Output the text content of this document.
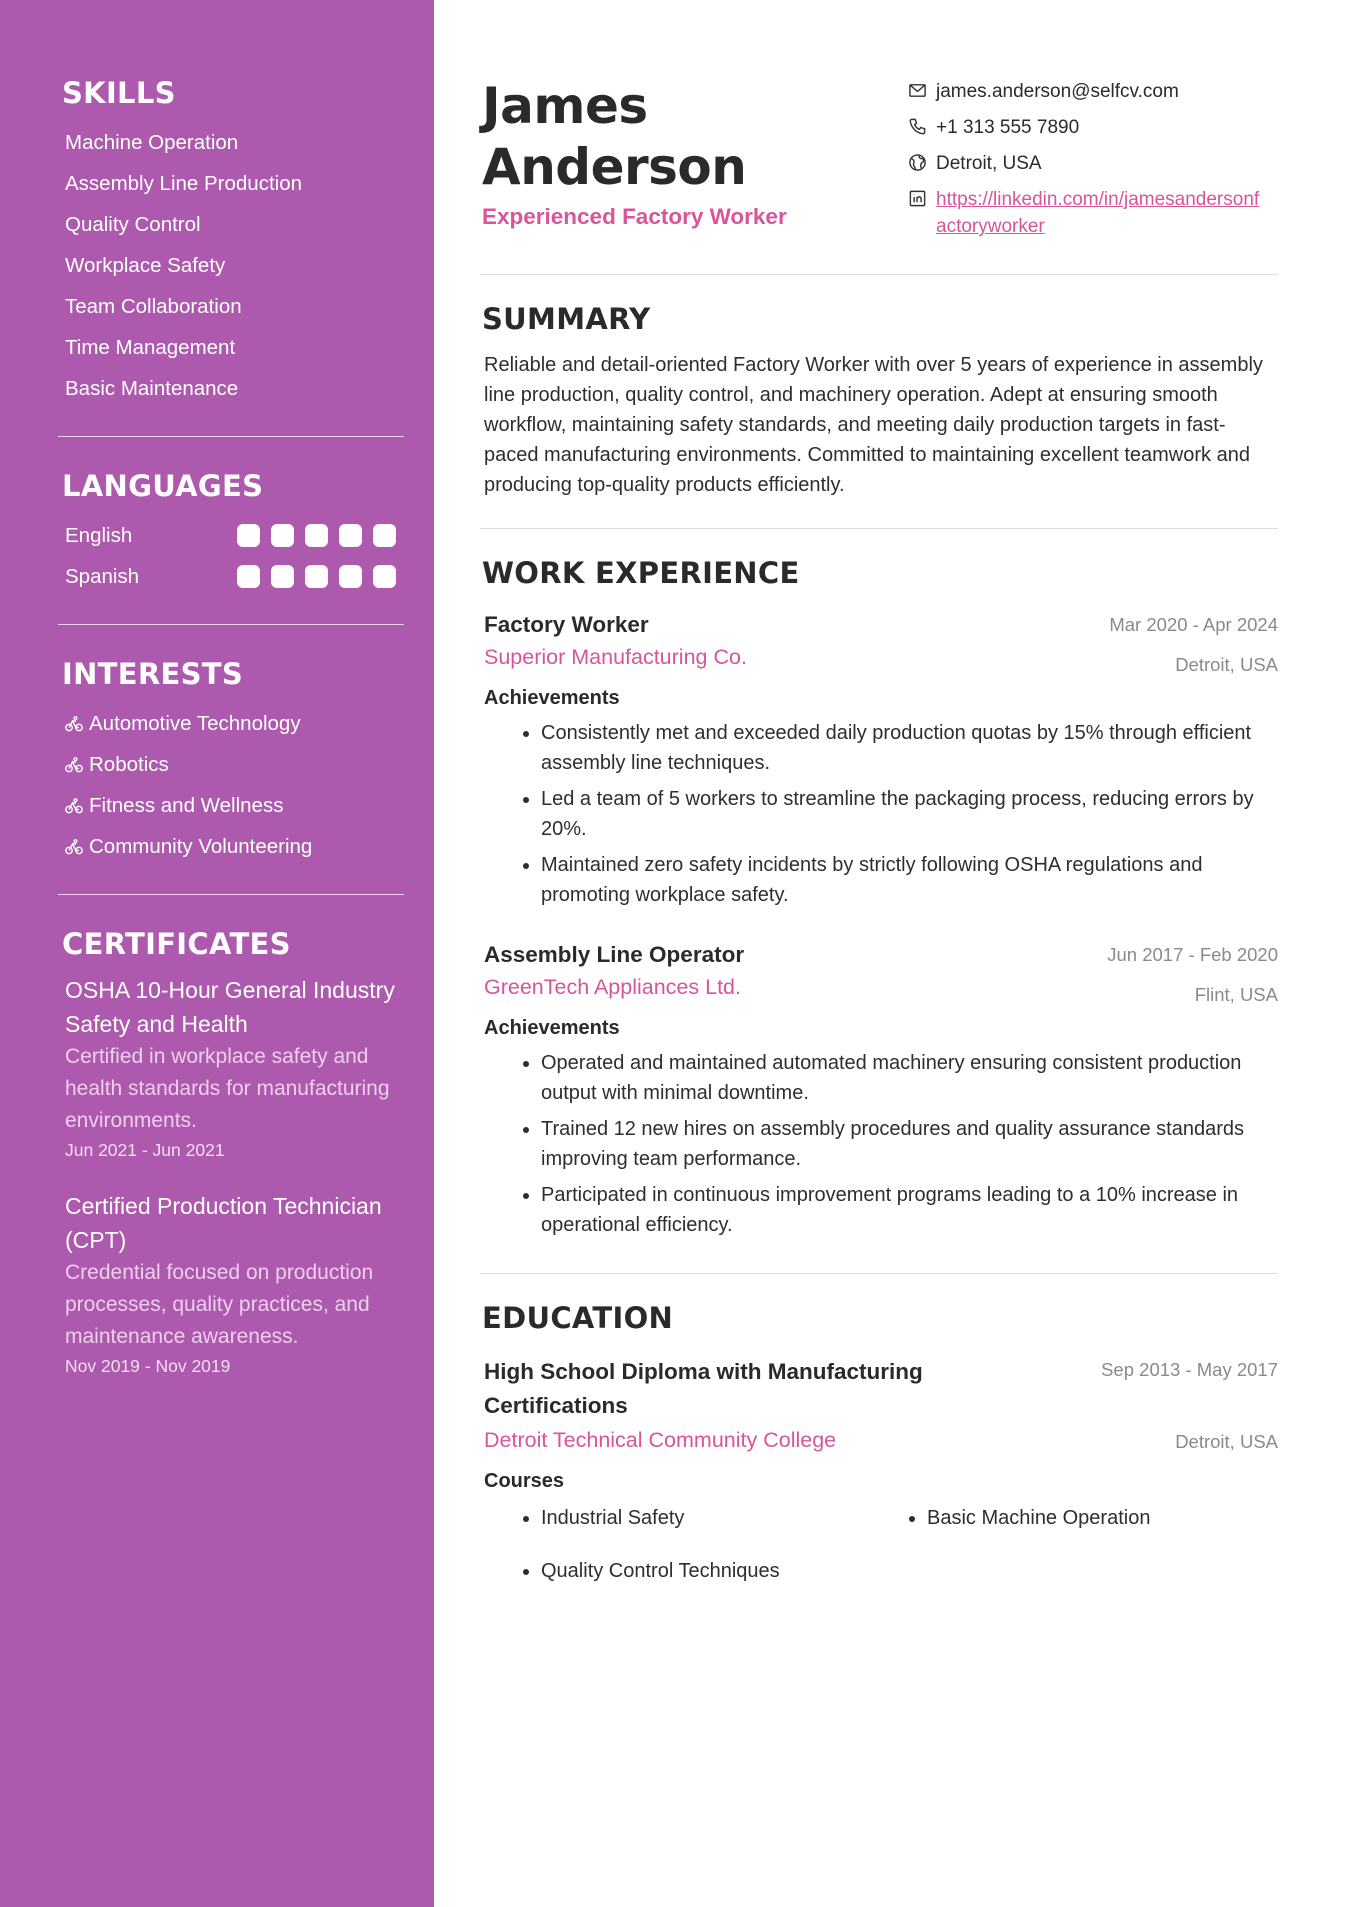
SKILLS
Machine Operation
Assembly Line Production
Quality Control
Workplace Safety
Team Collaboration
Time Management
Basic Maintenance
LANGUAGES
English
Spanish
INTERESTS
Automotive Technology
Robotics
Fitness and Wellness
Community Volunteering
CERTIFICATES
OSHA 10-Hour General Industry Safety and Health
Certified in workplace safety and health standards for manufacturing environments.
Jun 2021 - Jun 2021
Certified Production Technician (CPT)
Credential focused on production processes, quality practices, and maintenance awareness.
Nov 2019 - Nov 2019
James
Anderson
Experienced Factory Worker
james.anderson@selfcv.com
+1 313 555 7890
Detroit, USA
https://linkedin.com/in/jamesandersonfactoryworker
SUMMARY
Reliable and detail-oriented Factory Worker with over 5 years of experience in assembly line production, quality control, and machinery operation. Adept at ensuring smooth workflow, maintaining safety standards, and meeting daily production targets in fast-paced manufacturing environments. Committed to maintaining excellent teamwork and producing top-quality products efficiently.
WORK EXPERIENCE
Factory Worker
Superior Manufacturing Co.
Mar 2020 - Apr 2024
Detroit, USA
Achievements
• Consistently met and exceeded daily production quotas by 15% through efficient assembly line techniques.
• Led a team of 5 workers to streamline the packaging process, reducing errors by 20%.
• Maintained zero safety incidents by strictly following OSHA regulations and promoting workplace safety.
Assembly Line Operator
GreenTech Appliances Ltd.
Jun 2017 - Feb 2020
Flint, USA
Achievements
• Operated and maintained automated machinery ensuring consistent production output with minimal downtime.
• Trained 12 new hires on assembly procedures and quality assurance standards improving team performance.
• Participated in continuous improvement programs leading to a 10% increase in operational efficiency.
EDUCATION
High School Diploma with Manufacturing Certifications
Detroit Technical Community College
Sep 2013 - May 2017
Detroit, USA
Courses
• Industrial Safety
•	Basic Machine Operation
• Quality Control Techniques
